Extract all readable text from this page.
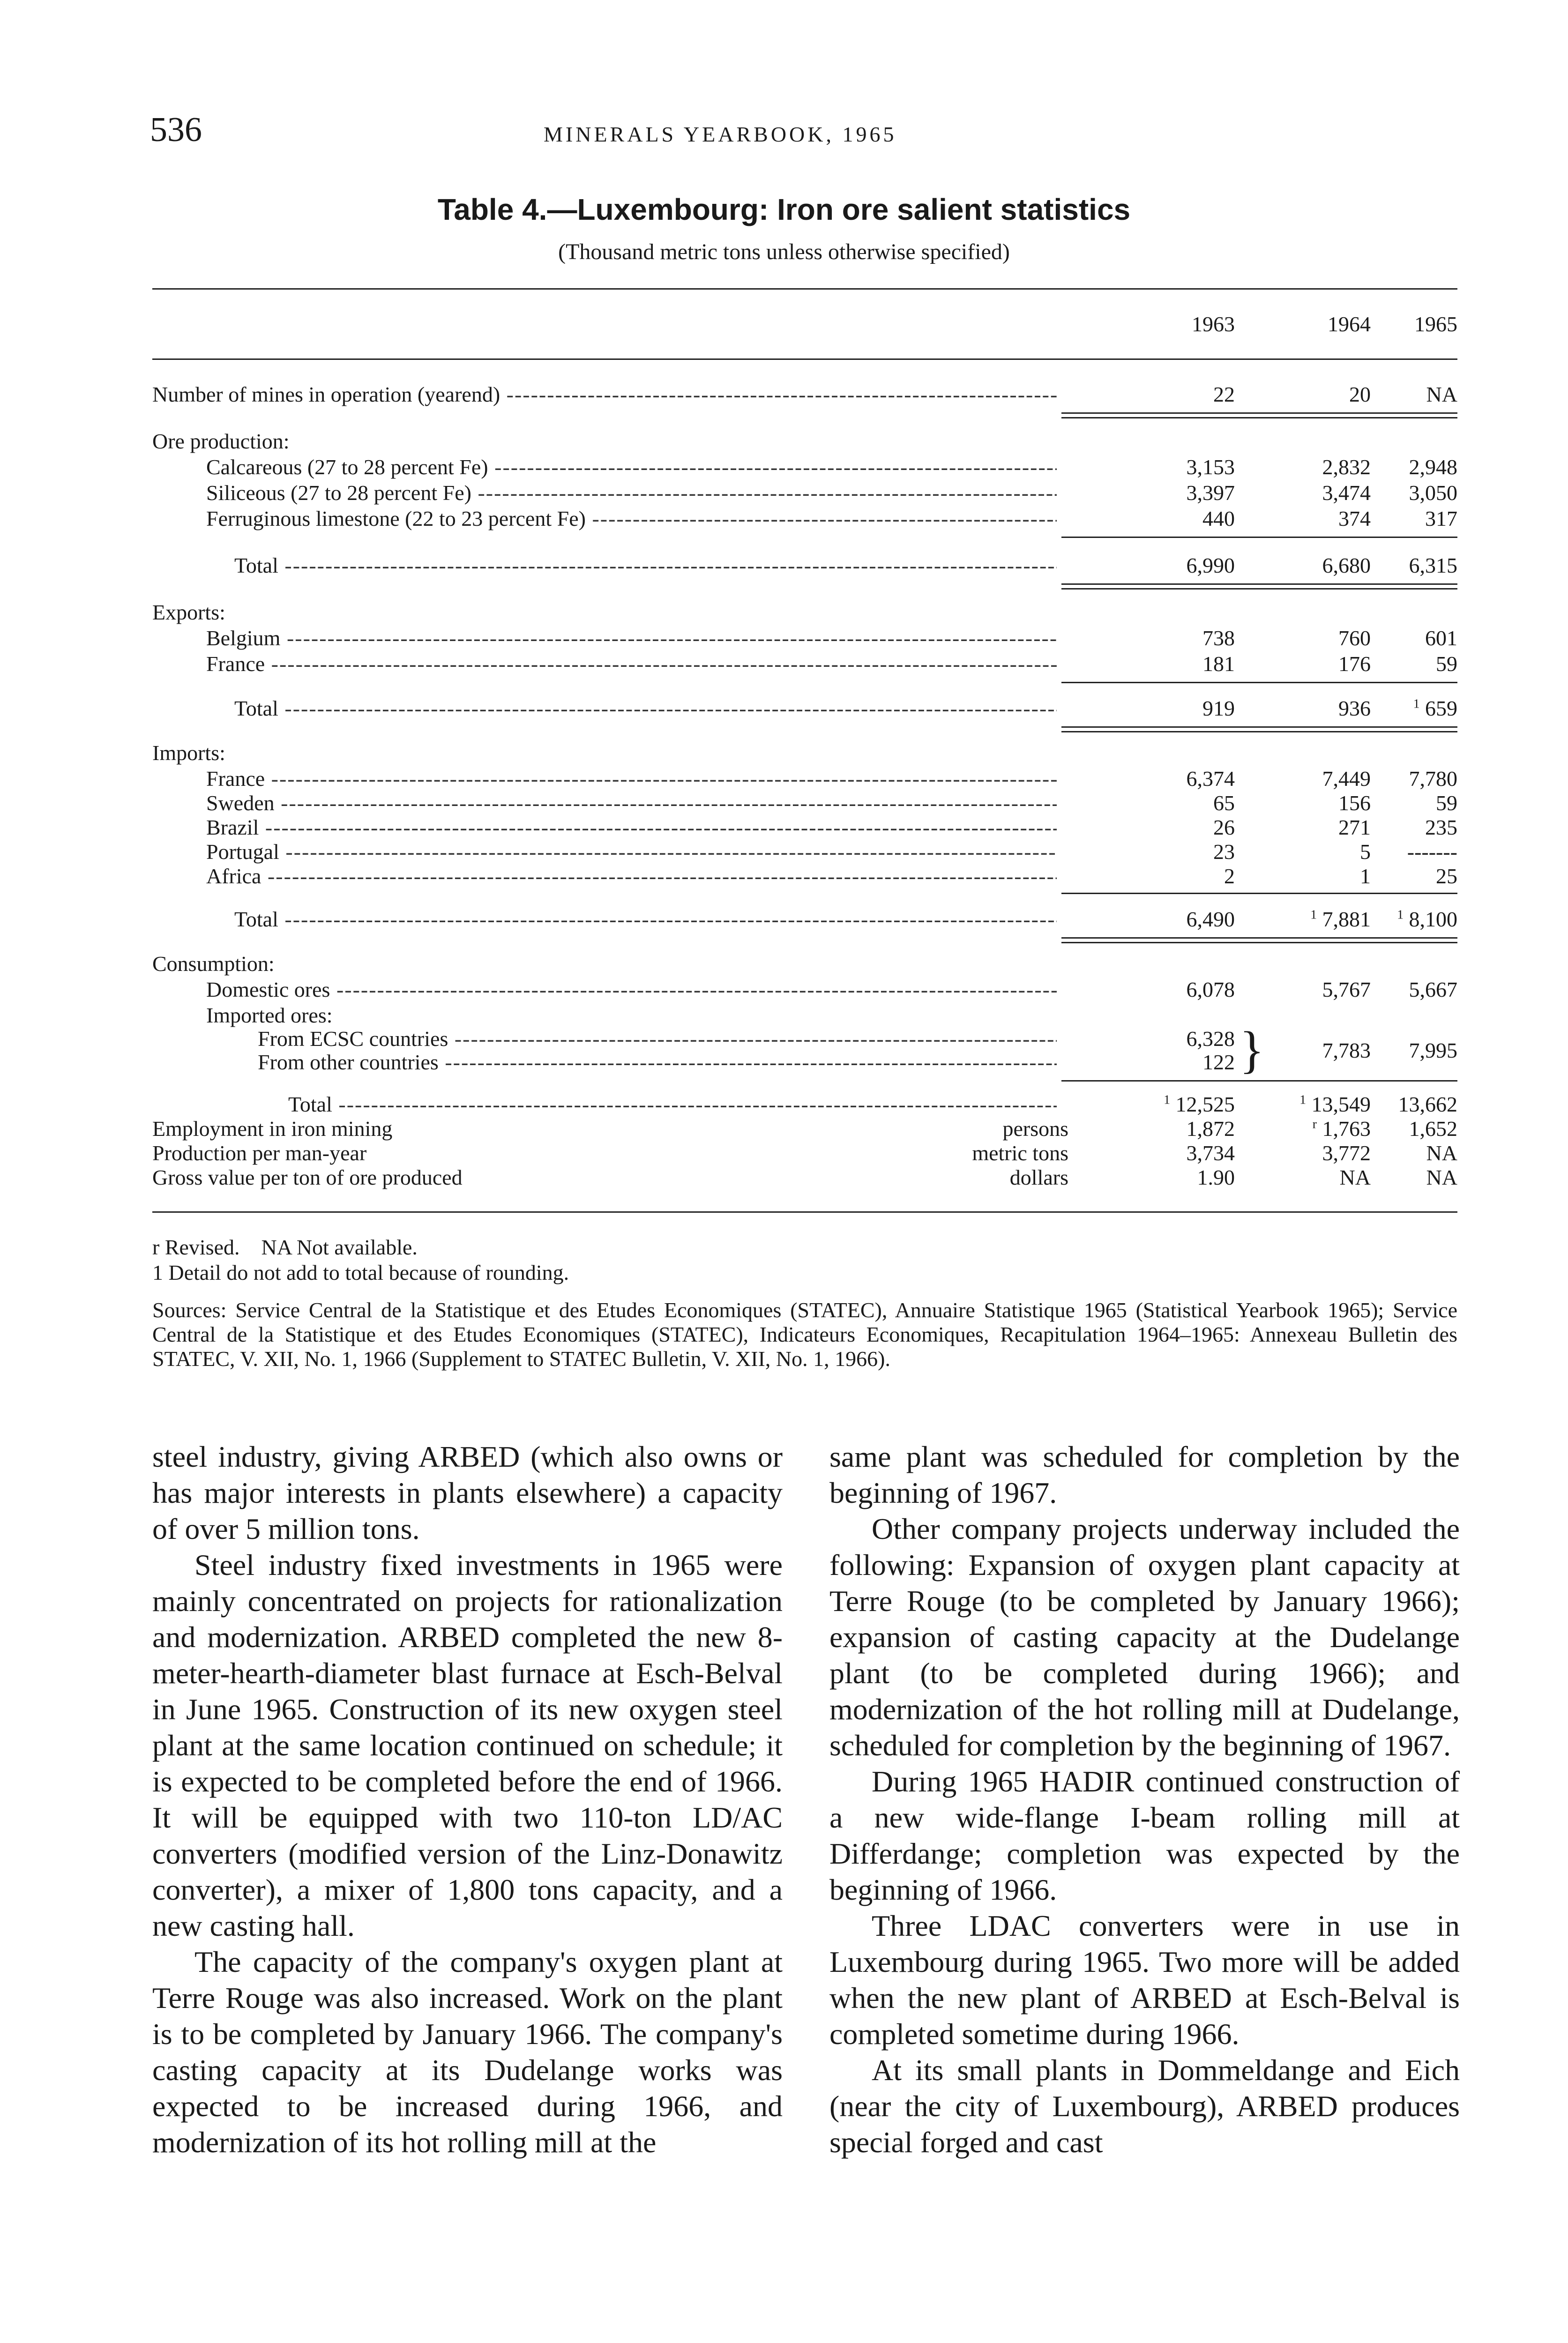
536	MINERALS YEARBOOK, 1965
Table 4.—Luxembourg: Iron ore salient statistics
(Thousand metric tons unless otherwise specified)
1963	1964	1965
Number of mines in operation (yearend) -----	22	20	NA
Ore production:
Calcareous (27 to 28 percent Fe) -----	3,153	2,832	2,948
Siliceous (27 to 28 percent Fe) -----	3,397	3,474	3,050
Ferruginous limestone (22 to 23 percent Fe) -----	440	374	317
Total -----	6,990	6,680	6,315
Exports:
Belgium -----	738	760	601
France -----	181	176	59
Total -----	919	936	$^1$ 659
Imports:
France -----	6,374	7,449	7,780
Sweden -----	65	156	59
Brazil -----	26	271	235
Portugal -----	23	5	-------
Africa -----	2	1	25
Total -----	6,490	$^1$ 7,881	$^1$ 8,100
Consumption:
Domestic ores -----	6,078	5,767	5,667
Imported ores:
From ECSC countries -----	6,328
From other countries -----	122 }	7,783	7,995
Total -----	$^1$ 12,525	$^1$ 13,549	13,662
Employment in iron mining	persons	1,872	$^r$ 1,763	1,652
Production per man-year	metric tons	3,734	3,772	NA
Gross value per ton of ore produced	dollars	1.90	NA	NA

r Revised. NA Not available.

1 Detail do not add to total because of rounding.

Sources: Service Central de la Statistique et des Etudes Economiques (STATEC), Annuaire Statistique 1965 (Statistical Yearbook 1965); Service Central de la Statistique et des Etudes Economiques (STATEC), Indicateurs Economiques, Recapitulation 1964–1965: Annexeau Bulletin des STATEC, V. XII, No. 1, 1966 (Supplement to STATEC Bulletin, V. XII, No. 1, 1966).

steel industry, giving ARBED (which also owns or has major interests in plants elsewhere) a capacity of over 5 million tons.

Steel industry fixed investments in 1965 were mainly concentrated on projects for rationalization and modernization. ARBED completed the new 8-meter-hearth-diameter blast furnace at Esch-Belval in June 1965. Construction of its new oxygen steel plant at the same location continued on schedule; it is expected to be completed before the end of 1966. It will be equipped with two 110-ton LD/AC converters (modified version of the Linz-Donawitz converter), a mixer of 1,800 tons capacity, and a new casting hall.

The capacity of the company's oxygen plant at Terre Rouge was also increased. Work on the plant is to be completed by January 1966. The company's casting capacity at its Dudelange works was expected to be increased during 1966, and modernization of its hot rolling mill at the

same plant was scheduled for completion by the beginning of 1967.

Other company projects underway included the following: Expansion of oxygen plant capacity at Terre Rouge (to be completed by January 1966); expansion of casting capacity at the Dudelange plant (to be completed during 1966); and modernization of the hot rolling mill at Dudelange, scheduled for completion by the beginning of 1967.

During 1965 HADIR continued construction of a new wide-flange I-beam rolling mill at Differdange; completion was expected by the beginning of 1966.

Three LDAC converters were in use in Luxembourg during 1965. Two more will be added when the new plant of ARBED at Esch-Belval is completed sometime during 1966.

At its small plants in Dommeldange and Eich (near the city of Luxembourg), ARBED produces special forged and cast
